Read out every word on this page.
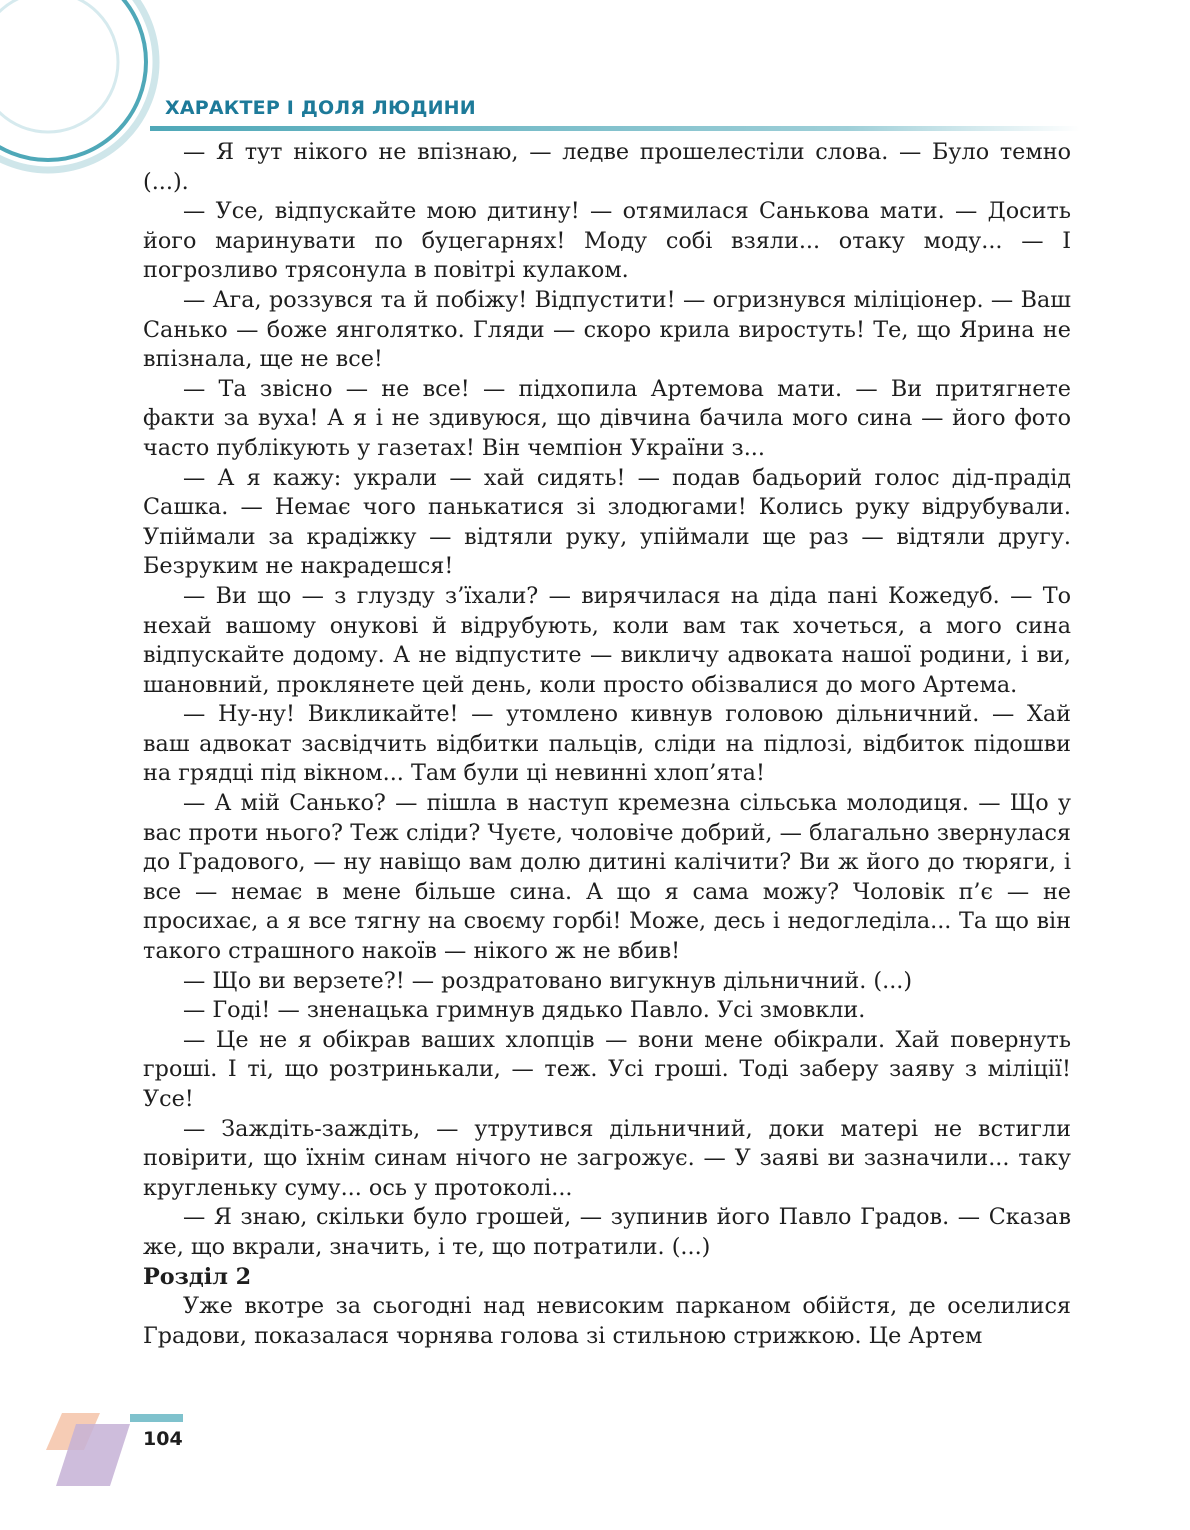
ХАРАКТЕР І ДОЛЯ ЛЮДИНИ

— Я тут нікого не впізнаю, — ледве прошелестіли слова. — Було темно (...).

— Усе, відпускайте мою дитину! — отямилася Санькова мати. — Досить його маринувати по буцегарнях! Моду собі взяли... отаку моду... — І погрозливо трясонула в повітрі кулаком.

— Ага, роззувся та й побіжу! Відпустити! — огризнувся міліціонер. — Ваш Санько — боже янголятко. Гляди — скоро крила виростуть! Те, що Ярина не впізнала, ще не все!

— Та звісно — не все! — підхопила Артемова мати. — Ви притягнете факти за вуха! А я і не здивуюся, що дівчина бачила мого сина — його фото часто публікують у газетах! Він чемпіон України з...

— А я кажу: украли — хай сидять! — подав бадьорий голос дід-прадід Сашка. — Немає чого панькатися зі злодюгами! Колись руку відрубували. Упіймали за крадіжку — відтяли руку, упіймали ще раз — відтяли другу. Безруким не накрадешся!

— Ви що — з глузду з’їхали? — вирячилася на діда пані Кожедуб. — То нехай вашому онукові й відрубують, коли вам так хочеться, а мого сина відпускайте додому. А не відпустите — викличу адвоката нашої родини, і ви, шановний, проклянете цей день, коли просто обізвалися до мого Артема.

— Ну-ну! Викликайте! — утомлено кивнув головою дільничний. — Хай ваш адвокат засвідчить відбитки пальців, сліди на підлозі, відбиток підошви на грядці під вікном... Там були ці невинні хлоп’ята!

— А мій Санько? — пішла в наступ кремезна сільська молодиця. — Що у вас проти нього? Теж сліди? Чуєте, чоловіче добрий, — благально звернулася до Градового, — ну навіщо вам долю дитині калічити? Ви ж його до тюряги, і все — немає в мене більше сина. А що я сама можу? Чоловік п’є — не просихає, а я все тягну на своєму горбі! Може, десь і недогледіла... Та що він такого страшного накоїв — нікого ж не вбив!

— Що ви верзете?! — роздратовано вигукнув дільничний. (...)

— Годі! — зненацька гримнув дядько Павло. Усі змовкли.

— Це не я обікрав ваших хлопців — вони мене обікрали. Хай повернуть гроші. І ті, що розтринькали, — теж. Усі гроші. Тоді заберу заяву з міліції! Усе!

— Заждіть-заждіть, — утрутився дільничний, доки матері не встигли повірити, що їхнім синам нічого не загрожує. — У заяві ви зазначили... таку кругленьку суму... ось у протоколі...

— Я знаю, скільки було грошей, — зупинив його Павло Градов. — Сказав же, що вкрали, значить, і те, що потратили. (...)

Розділ 2

Уже вкотре за сьогодні над невисоким парканом обійстя, де оселилися Градови, показалася чорнява голова зі стильною стрижкою. Це Артем

104
